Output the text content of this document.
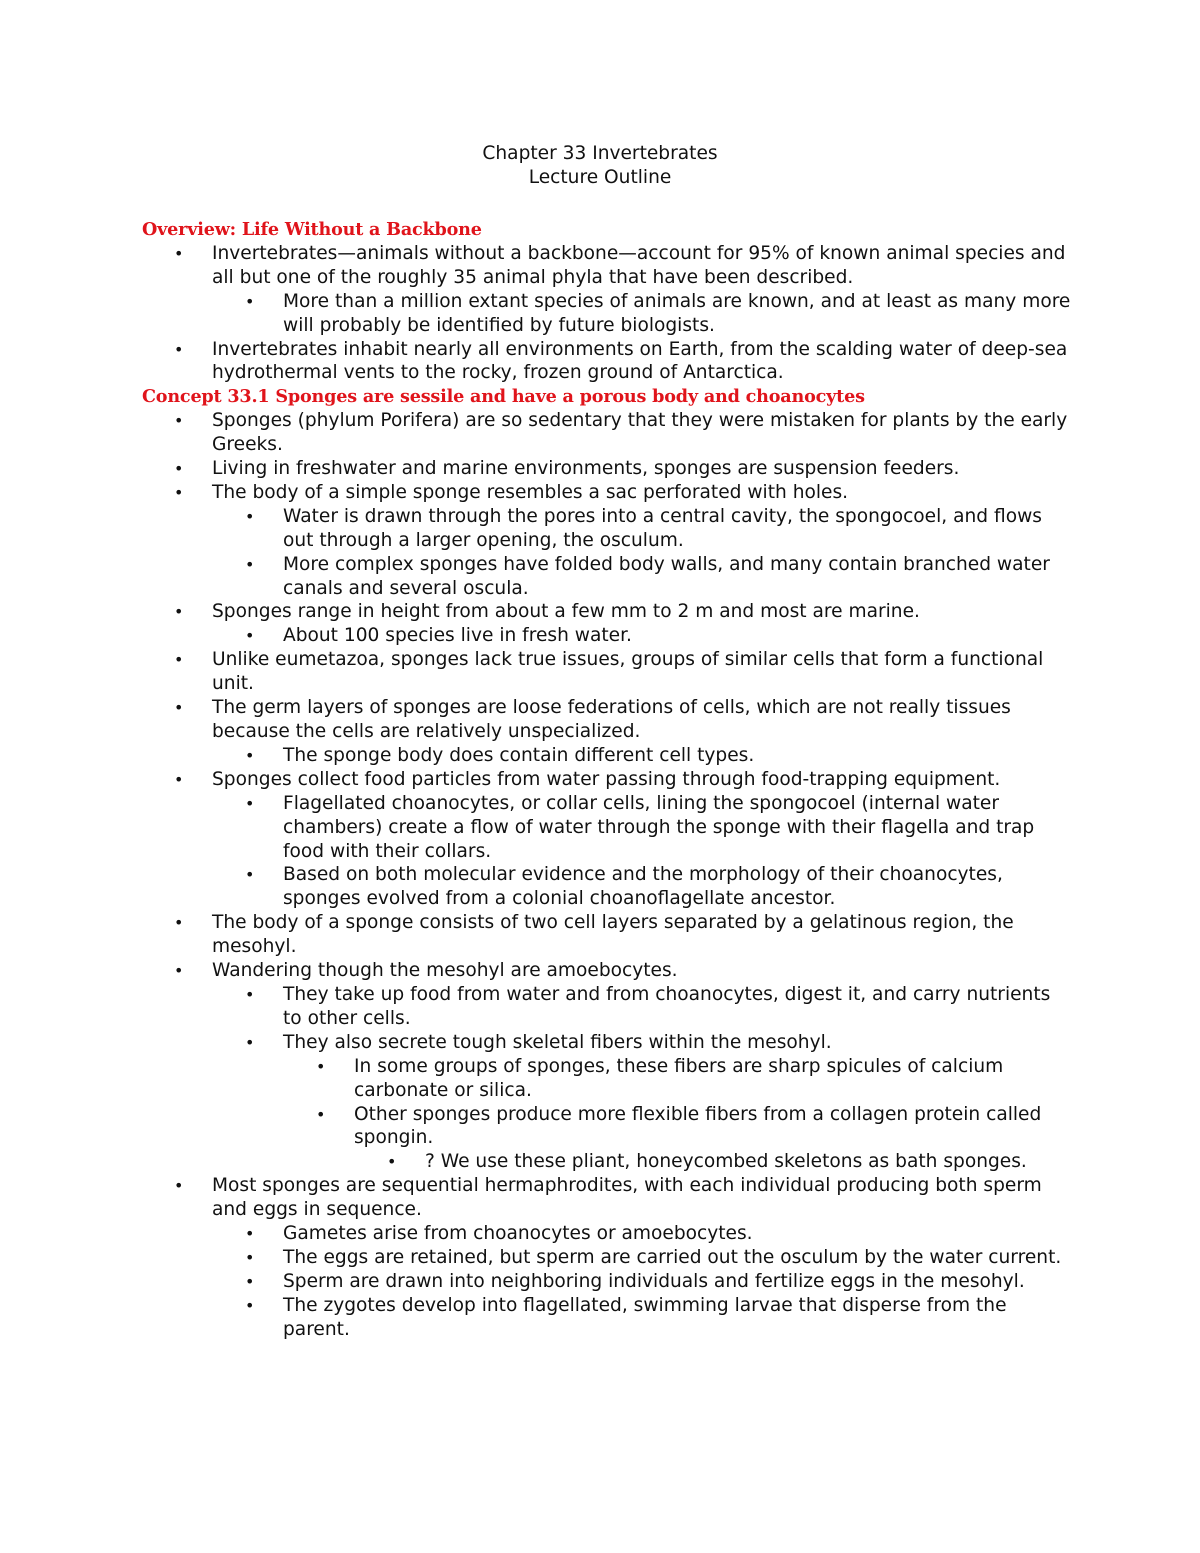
Chapter 33 Invertebrates
Lecture Outline
Overview: Life Without a Backbone
• Invertebrates—animals without a backbone—account for 95% of known animal species and all but one of the roughly 35 animal phyla that have been described.
• More than a million extant species of animals are known, and at least as many more will probably be identified by future biologists.
• Invertebrates inhabit nearly all environments on Earth, from the scalding water of deep-sea hydrothermal vents to the rocky, frozen ground of Antarctica.
Concept 33.1 Sponges are sessile and have a porous body and choanocytes
• Sponges (phylum Porifera) are so sedentary that they were mistaken for plants by the early Greeks.
• Living in freshwater and marine environments, sponges are suspension feeders.
• The body of a simple sponge resembles a sac perforated with holes.
• Water is drawn through the pores into a central cavity, the spongocoel, and flows out through a larger opening, the osculum.
• More complex sponges have folded body walls, and many contain branched water canals and several oscula.
• Sponges range in height from about a few mm to 2 m and most are marine.
• About 100 species live in fresh water.
• Unlike eumetazoa, sponges lack true issues, groups of similar cells that form a functional unit.
• The germ layers of sponges are loose federations of cells, which are not really tissues because the cells are relatively unspecialized.
• The sponge body does contain different cell types.
• Sponges collect food particles from water passing through food-trapping equipment.
• Flagellated choanocytes, or collar cells, lining the spongocoel (internal water chambers) create a flow of water through the sponge with their flagella and trap food with their collars.
• Based on both molecular evidence and the morphology of their choanocytes, sponges evolved from a colonial choanoflagellate ancestor.
• The body of a sponge consists of two cell layers separated by a gelatinous region, the mesohyl.
• Wandering though the mesohyl are amoebocytes.
• They take up food from water and from choanocytes, digest it, and carry nutrients to other cells.
• They also secrete tough skeletal fibers within the mesohyl.
• In some groups of sponges, these fibers are sharp spicules of calcium carbonate or silica.
• Other sponges produce more flexible fibers from a collagen protein called spongin.
• ? We use these pliant, honeycombed skeletons as bath sponges.
• Most sponges are sequential hermaphrodites, with each individual producing both sperm and eggs in sequence.
• Gametes arise from choanocytes or amoebocytes.
• The eggs are retained, but sperm are carried out the osculum by the water current.
• Sperm are drawn into neighboring individuals and fertilize eggs in the mesohyl.
• The zygotes develop into flagellated, swimming larvae that disperse from the parent.
